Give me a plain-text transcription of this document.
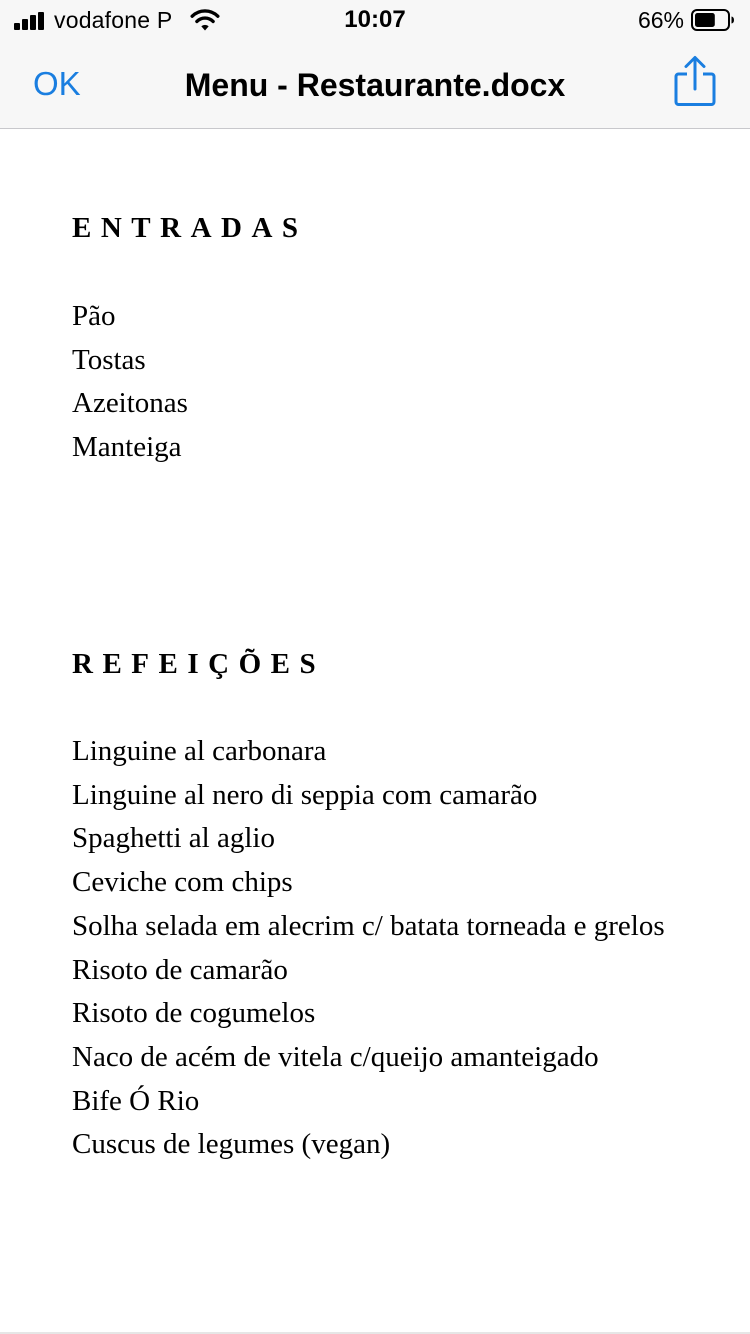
vodafone P	10:07	66%
OK	Menu - Restaurante.docx
ENTRADAS
Pão
Tostas
Azeitonas
Manteiga
REFEIÇÕES
Linguine al carbonara
Linguine al nero di seppia com camarão
Spaghetti al aglio
Ceviche com chips
Solha selada em alecrim c/ batata torneada e grelos
Risoto de camarão
Risoto de cogumelos
Naco de acém de vitela c/queijo amanteigado
Bife Ó Rio
Cuscus de legumes (vegan)
